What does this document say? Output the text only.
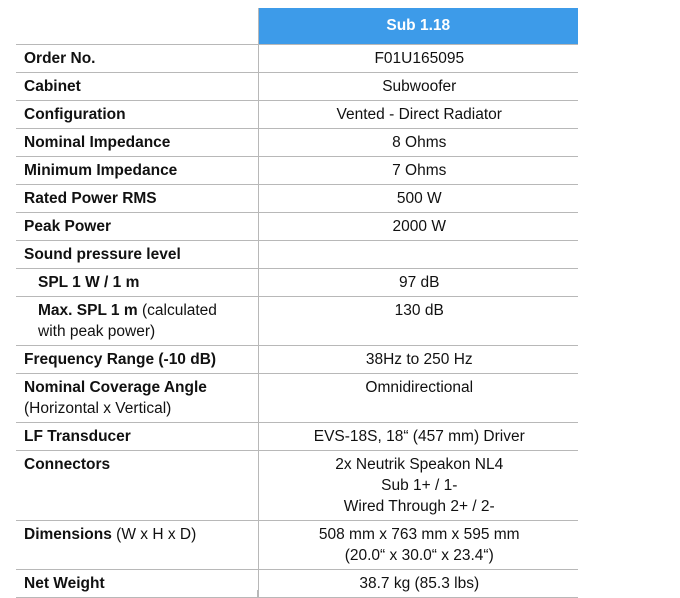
	Sub 1.18
Order No.	F01U165095
Cabinet	Subwoofer
Configuration	Vented - Direct Radiator
Nominal Impedance	8 Ohms
Minimum Impedance	7 Ohms
Rated Power RMS	500 W
Peak Power	2000 W
Sound pressure level	
SPL 1 W / 1 m	97 dB
Max. SPL 1 m (calculated
with peak power)	130 dB
Frequency Range (-10 dB)	38Hz to 250 Hz

Nominal Coverage Angle
(Horizontal x Vertical)	Omnidirectional
LF Transducer	EVS-18S, 18“ (457 mm) Driver
Connectors	2x Neutrik Speakon NL4
Sub 1+ / 1-
Wired Through 2+ / 2-

Dimensions (W x H x D)	508 mm x 763 mm x 595 mm
(20.0“ x 30.0“ x 23.4“)

Net Weight	38.7 kg (85.3 lbs)
